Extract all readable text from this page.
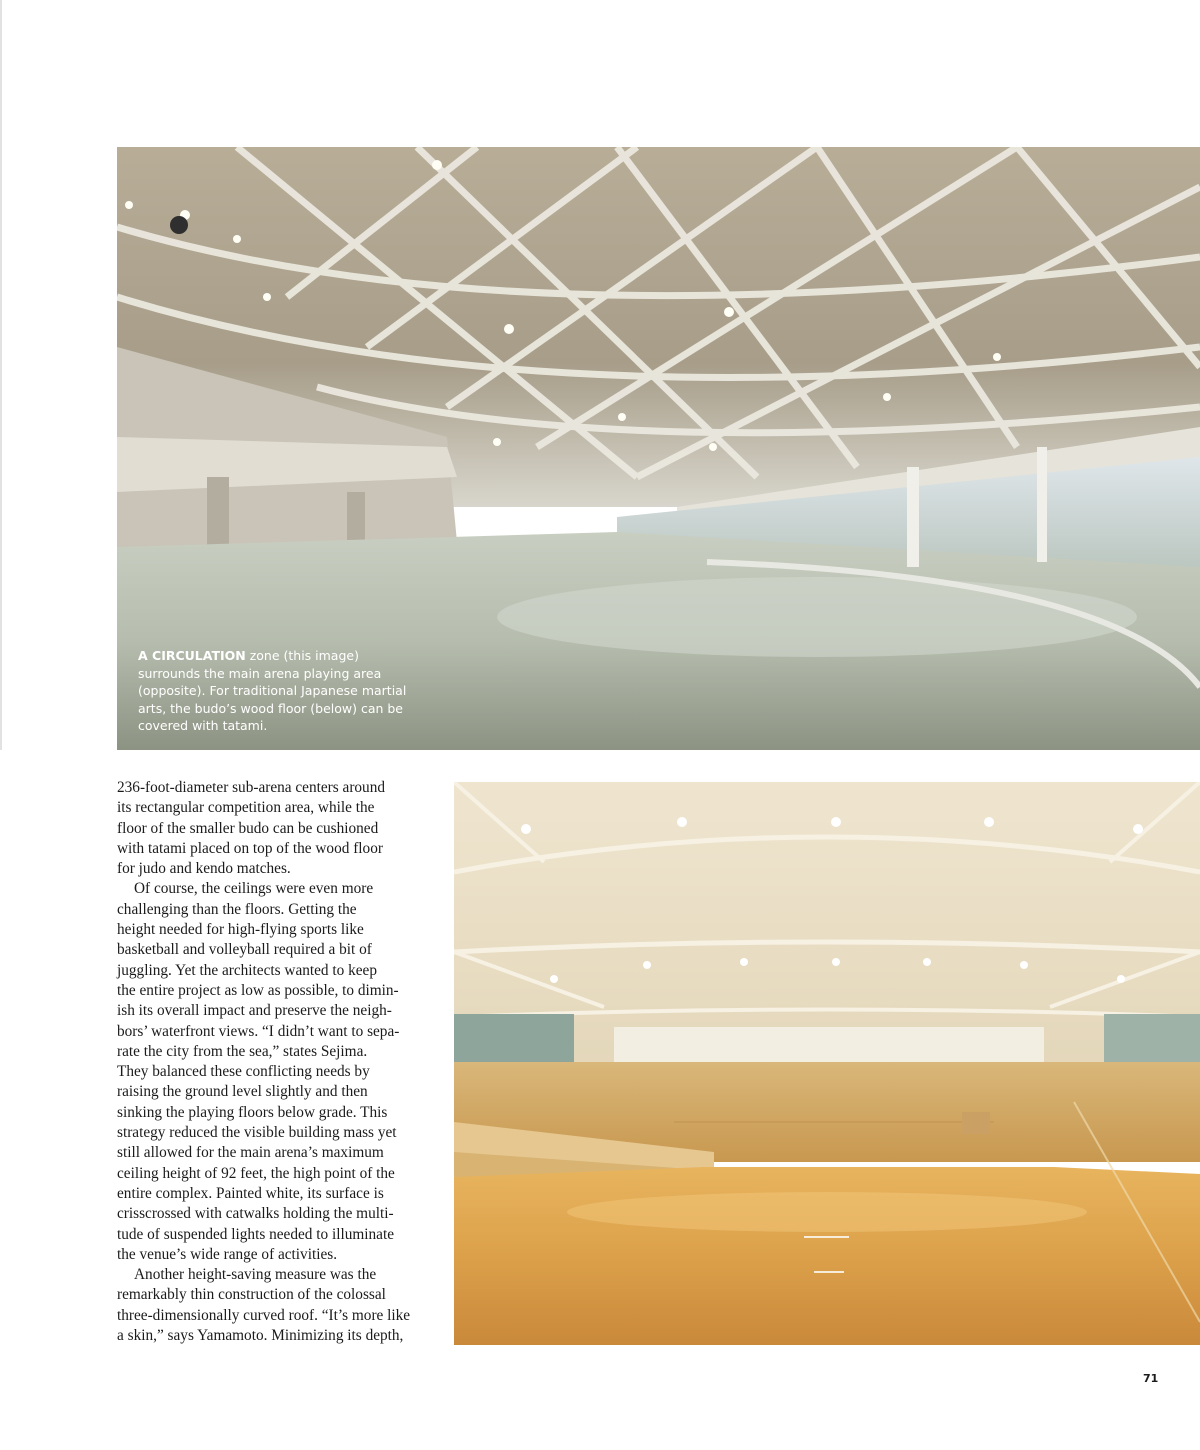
A CIRCULATION zone (this image)
surrounds the main arena playing area
(opposite). For traditional Japanese martial
arts, the budo’s wood floor (below) can be
covered with tatami.
236-foot-diameter sub-arena centers around
its rectangular competition area, while the
floor of the smaller budo can be cushioned
with tatami placed on top of the wood floor
for judo and kendo matches.
Of course, the ceilings were even more
challenging than the floors. Getting the
height needed for high-flying sports like
basketball and volleyball required a bit of
juggling. Yet the architects wanted to keep
the entire project as low as possible, to dimin-
ish its overall impact and preserve the neigh-
bors’ waterfront views. “I didn’t want to sepa-
rate the city from the sea,” states Sejima.
They balanced these conflicting needs by
raising the ground level slightly and then
sinking the playing floors below grade. This
strategy reduced the visible building mass yet
still allowed for the main arena’s maximum
ceiling height of 92 feet, the high point of the
entire complex. Painted white, its surface is
crisscrossed with catwalks holding the multi-
tude of suspended lights needed to illuminate
the venue’s wide range of activities.
Another height-saving measure was the
remarkably thin construction of the colossal
three-dimensionally curved roof. “It’s more like
a skin,” says Yamamoto. Minimizing its depth,
71
